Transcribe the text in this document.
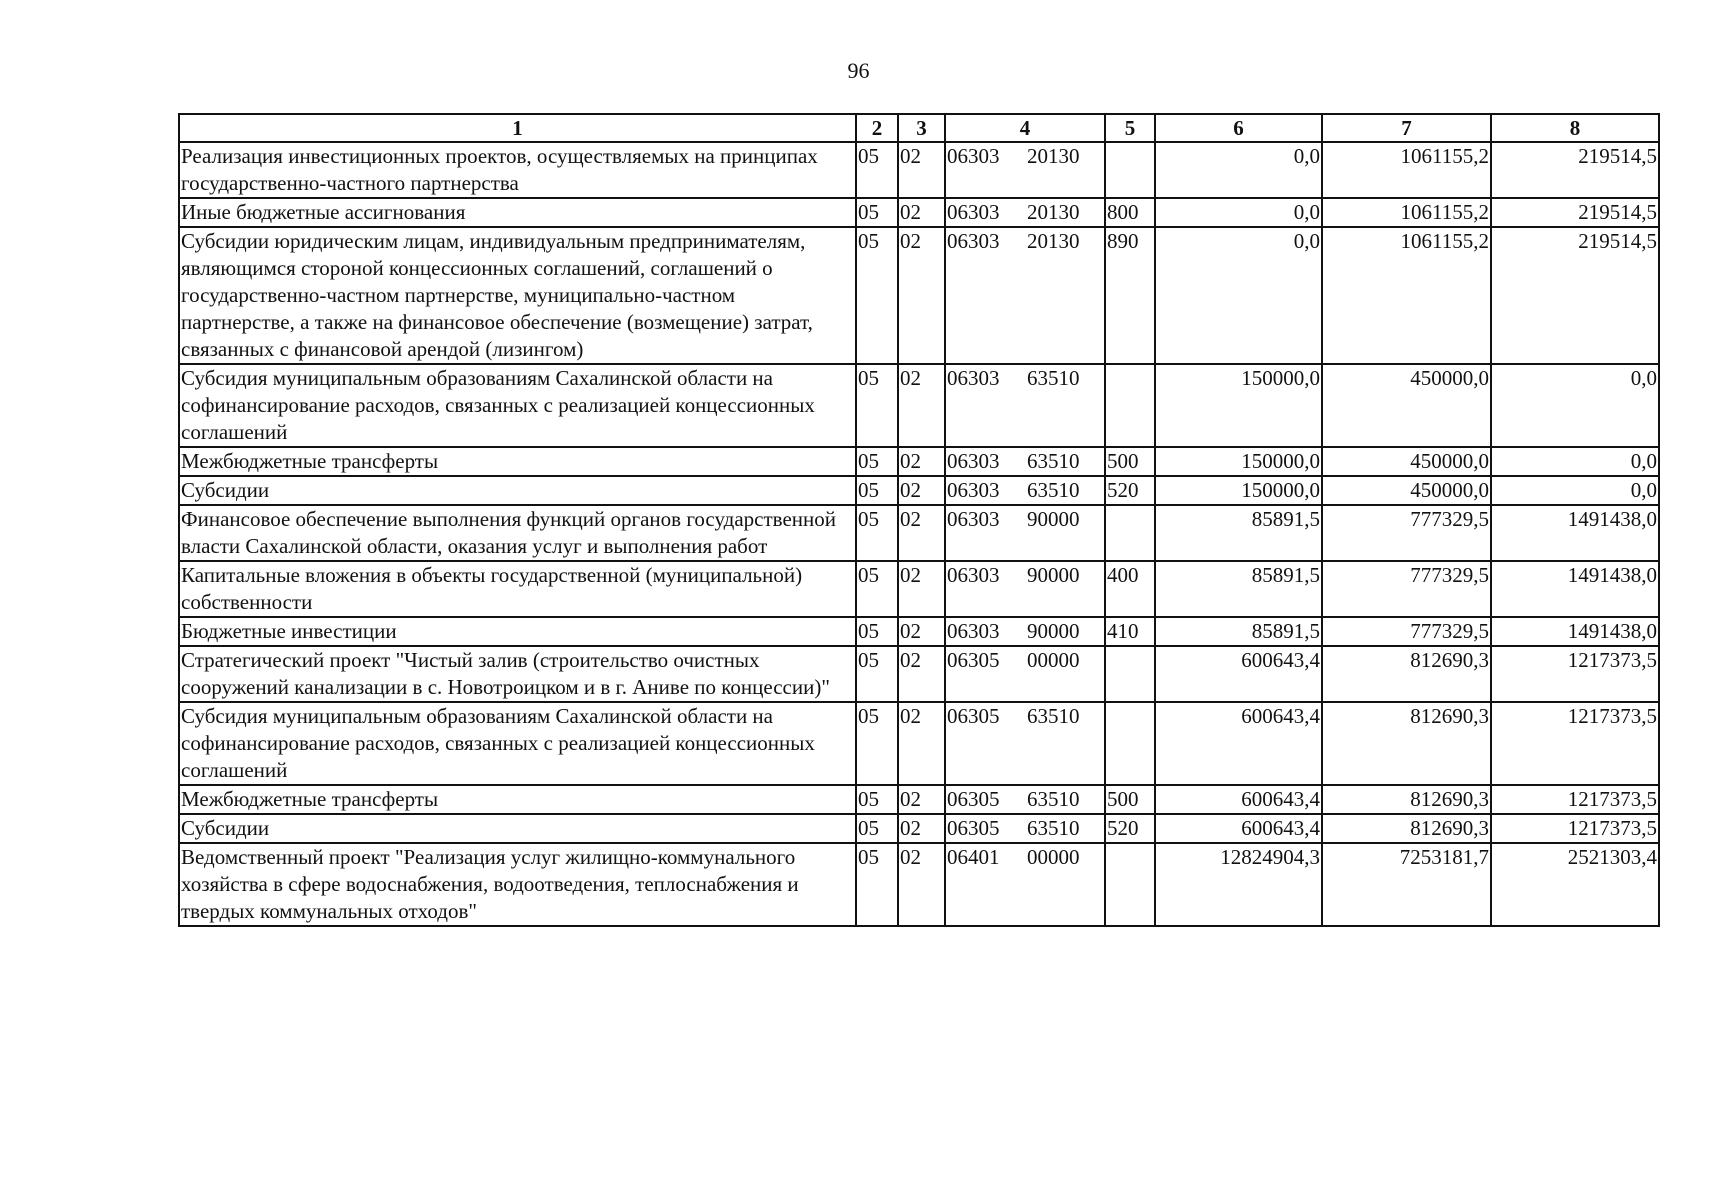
96
1	2	3	4	5	6	7	8
Реализация инвестиционных проектов, осуществляемых на принципах государственно-частного партнерства	05	02	06303 20130		0,0	1061155,2	219514,5
Иные бюджетные ассигнования	05	02	06303 20130	800	0,0	1061155,2	219514,5
Субсидии юридическим лицам, индивидуальным предпринимателям, являющимся стороной концессионных соглашений, соглашений о государственно-частном партнерстве, муниципально-частном партнерстве, а также на финансовое обеспечение (возмещение) затрат, связанных с финансовой арендой (лизингом)	05	02	06303 20130	890	0,0	1061155,2	219514,5
Субсидия муниципальным образованиям Сахалинской области на софинансирование расходов, связанных с реализацией концессионных соглашений	05	02	06303 63510		150000,0	450000,0	0,0
Межбюджетные трансферты	05	02	06303 63510	500	150000,0	450000,0	0,0
Субсидии	05	02	06303 63510	520	150000,0	450000,0	0,0
Финансовое обеспечение выполнения функций органов государственной власти Сахалинской области, оказания услуг и выполнения работ	05	02	06303 90000		85891,5	777329,5	1491438,0
Капитальные вложения в объекты государственной (муниципальной) собственности	05	02	06303 90000	400	85891,5	777329,5	1491438,0
Бюджетные инвестиции	05	02	06303 90000	410	85891,5	777329,5	1491438,0
Стратегический проект "Чистый залив (строительство очистных сооружений канализации в с. Новотроицком и в г. Аниве по концессии)"	05	02	06305 00000		600643,4	812690,3	1217373,5
Субсидия муниципальным образованиям Сахалинской области на софинансирование расходов, связанных с реализацией концессионных соглашений	05	02	06305 63510		600643,4	812690,3	1217373,5
Межбюджетные трансферты	05	02	06305 63510	500	600643,4	812690,3	1217373,5
Субсидии	05	02	06305 63510	520	600643,4	812690,3	1217373,5
Ведомственный проект "Реализация услуг жилищно-коммунального хозяйства в сфере водоснабжения, водоотведения, теплоснабжения и твердых коммунальных отходов"	05	02	06401 00000		12824904,3	7253181,7	2521303,4
